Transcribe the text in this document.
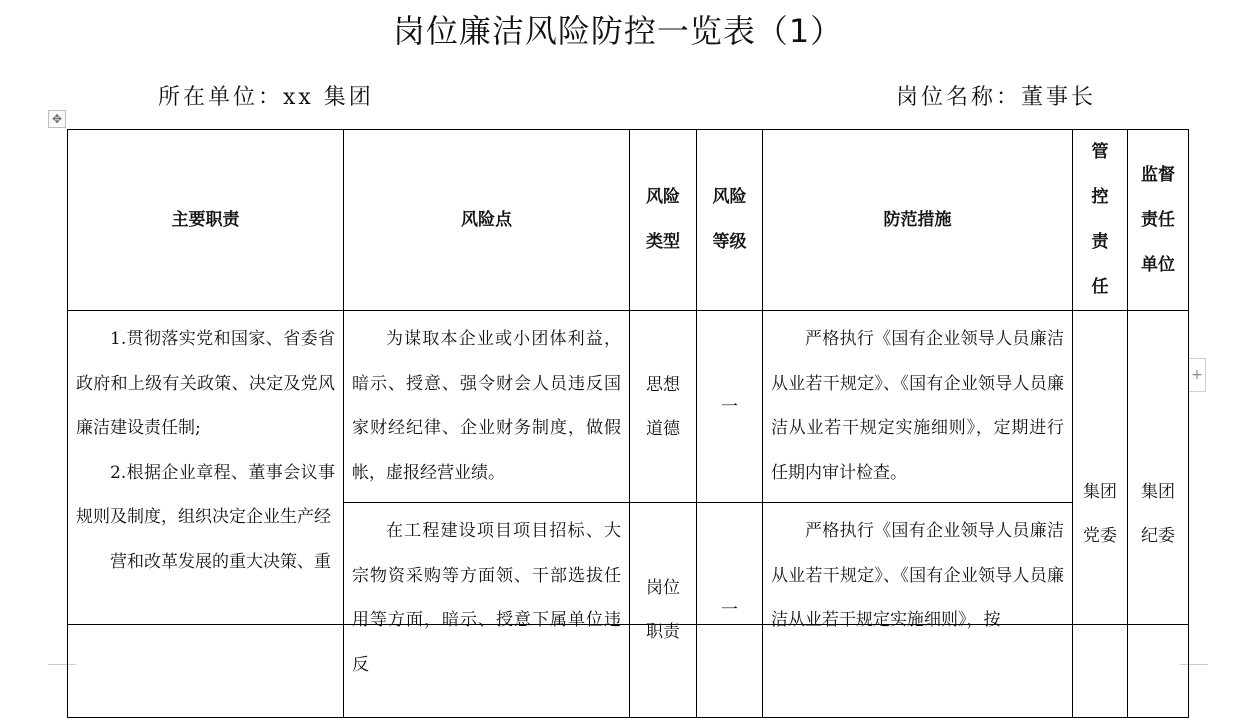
岗位廉洁风险防控一览表（1）
所在单位：xx 集团	岗位名称：董事长
✥
+
主要职责	风险点	风险类型	风险等级	防范措施	管控责任	监督责任单位

1.贯彻落实党和国家、省委省政府和上级有关政策、决定及党风廉洁建设责任制;
2.根据企业章程、董事会议事规则及制度，组织决定企业生产经
营和改革发展的重大决策、重	为谋取本企业或小团体利益，暗示、授意、强令财会人员违反国家财经纪律、企业财务制度，做假帐，虚报经营业绩。	思想道德	一	严格执行《国有企业领导人员廉洁从业若干规定》、《国有企业领导人员廉洁从业若干规定实施细则》，定期进行任期内审计检查。	集团党委	集团纪委
	在工程建设项目项目招标、大宗物资采购等方面领、干部选拔任用等方面，暗示、授意下属单位违反	岗位职责	一	严格执行《国有企业领导人员廉洁从业若干规定》、《国有企业领导人员廉洁从业若干规定实施细则》，按		
